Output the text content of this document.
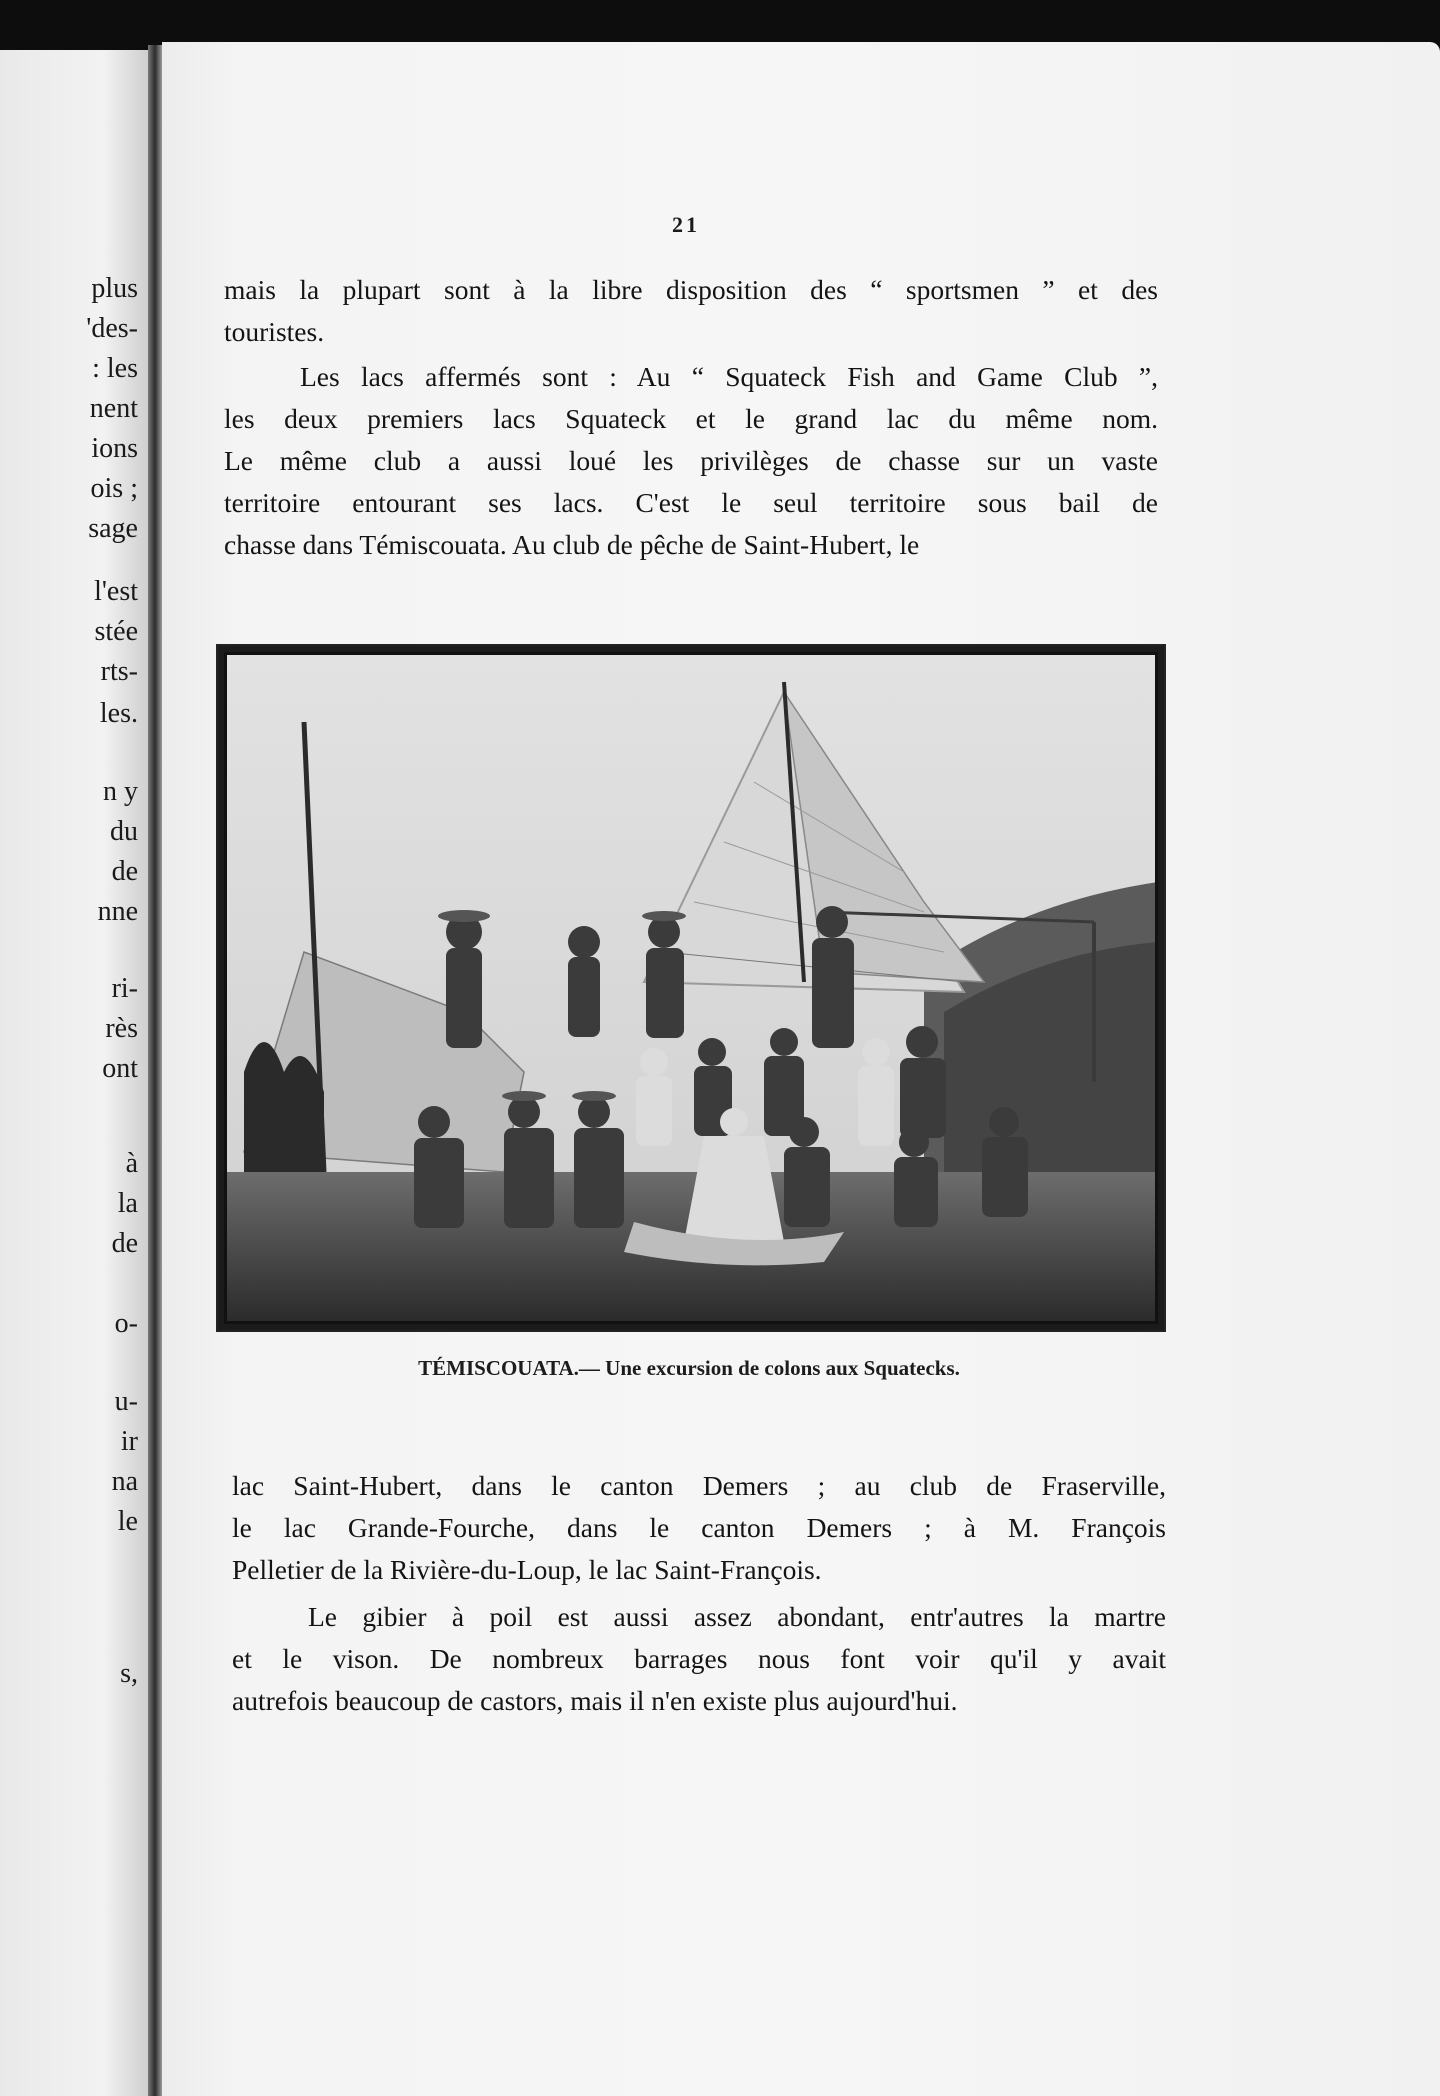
plus
'des-
: les
nent
ions
ois ;
sage
l'est
stée
rts-
les.
n y
du
de
nne
ri-
rès
ont
à
la
de
o-
u-
ir
na
le
s,
21

mais la plupart sont à la libre disposition des “ sportsmen ” et des
touristes.

Les lacs affermés sont : Au “ Squateck Fish and Game Club ”,
les deux premiers lacs Squateck et le grand lac du même nom.
Le même club a aussi loué les privilèges de chasse sur un vaste
territoire entourant ses lacs. C'est le seul territoire sous bail de
chasse dans Témiscouata. Au club de pêche de Saint-Hubert, le

TÉMISCOUATA.— Une excursion de colons aux Squatecks.

lac Saint-Hubert, dans le canton Demers ; au club de Fraserville,
le lac Grande-Fourche, dans le canton Demers ; à M. François
Pelletier de la Rivière-du-Loup, le lac Saint-François.

Le gibier à poil est aussi assez abondant, entr'autres la martre
et le vison. De nombreux barrages nous font voir qu'il y avait
autrefois beaucoup de castors, mais il n'en existe plus aujourd'hui.
